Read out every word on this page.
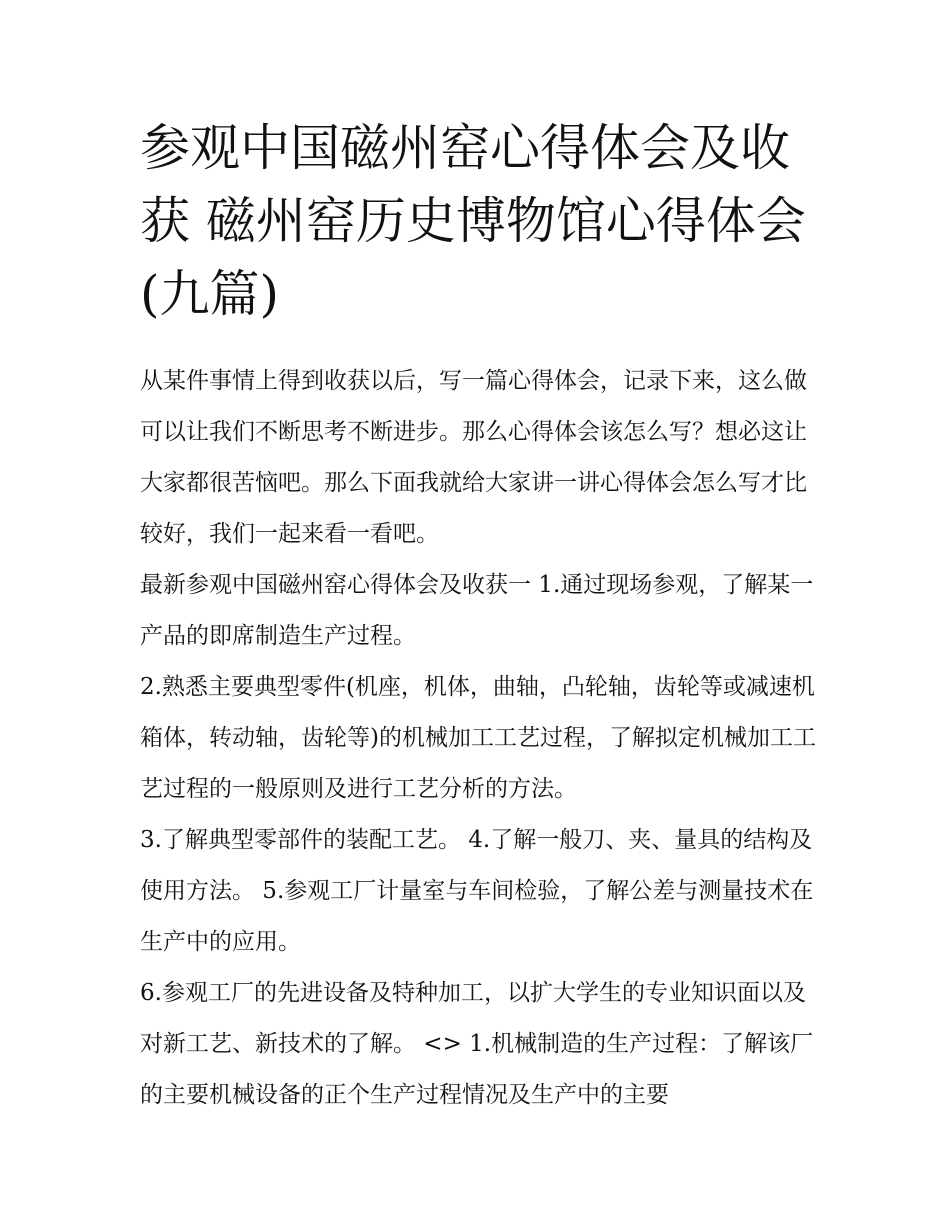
参观中国磁州窑心得体会及收获 磁州窑历史博物馆心得体会(九篇)

从某件事情上得到收获以后，写一篇心得体会，记录下来，这么做可以让我们不断思考不断进步。那么心得体会该怎么写？想必这让大家都很苦恼吧。那么下面我就给大家讲一讲心得体会怎么写才比较好，我们一起来看一看吧。

最新参观中国磁州窑心得体会及收获一 1.通过现场参观，了解某一产品的即席制造生产过程。

2.熟悉主要典型零件(机座，机体，曲轴，凸轮轴，齿轮等或减速机箱体，转动轴，齿轮等)的机械加工工艺过程，了解拟定机械加工工艺过程的一般原则及进行工艺分析的方法。

3.了解典型零部件的装配工艺。 4.了解一般刀、夹、量具的结构及使用方法。 5.参观工厂计量室与车间检验，了解公差与测量技术在生产中的应用。

6.参观工厂的先进设备及特种加工，以扩大学生的专业知识面以及对新工艺、新技术的了解。 <> 1.机械制造的生产过程：了解该厂的主要机械设备的正个生产过程情况及生产中的主要
